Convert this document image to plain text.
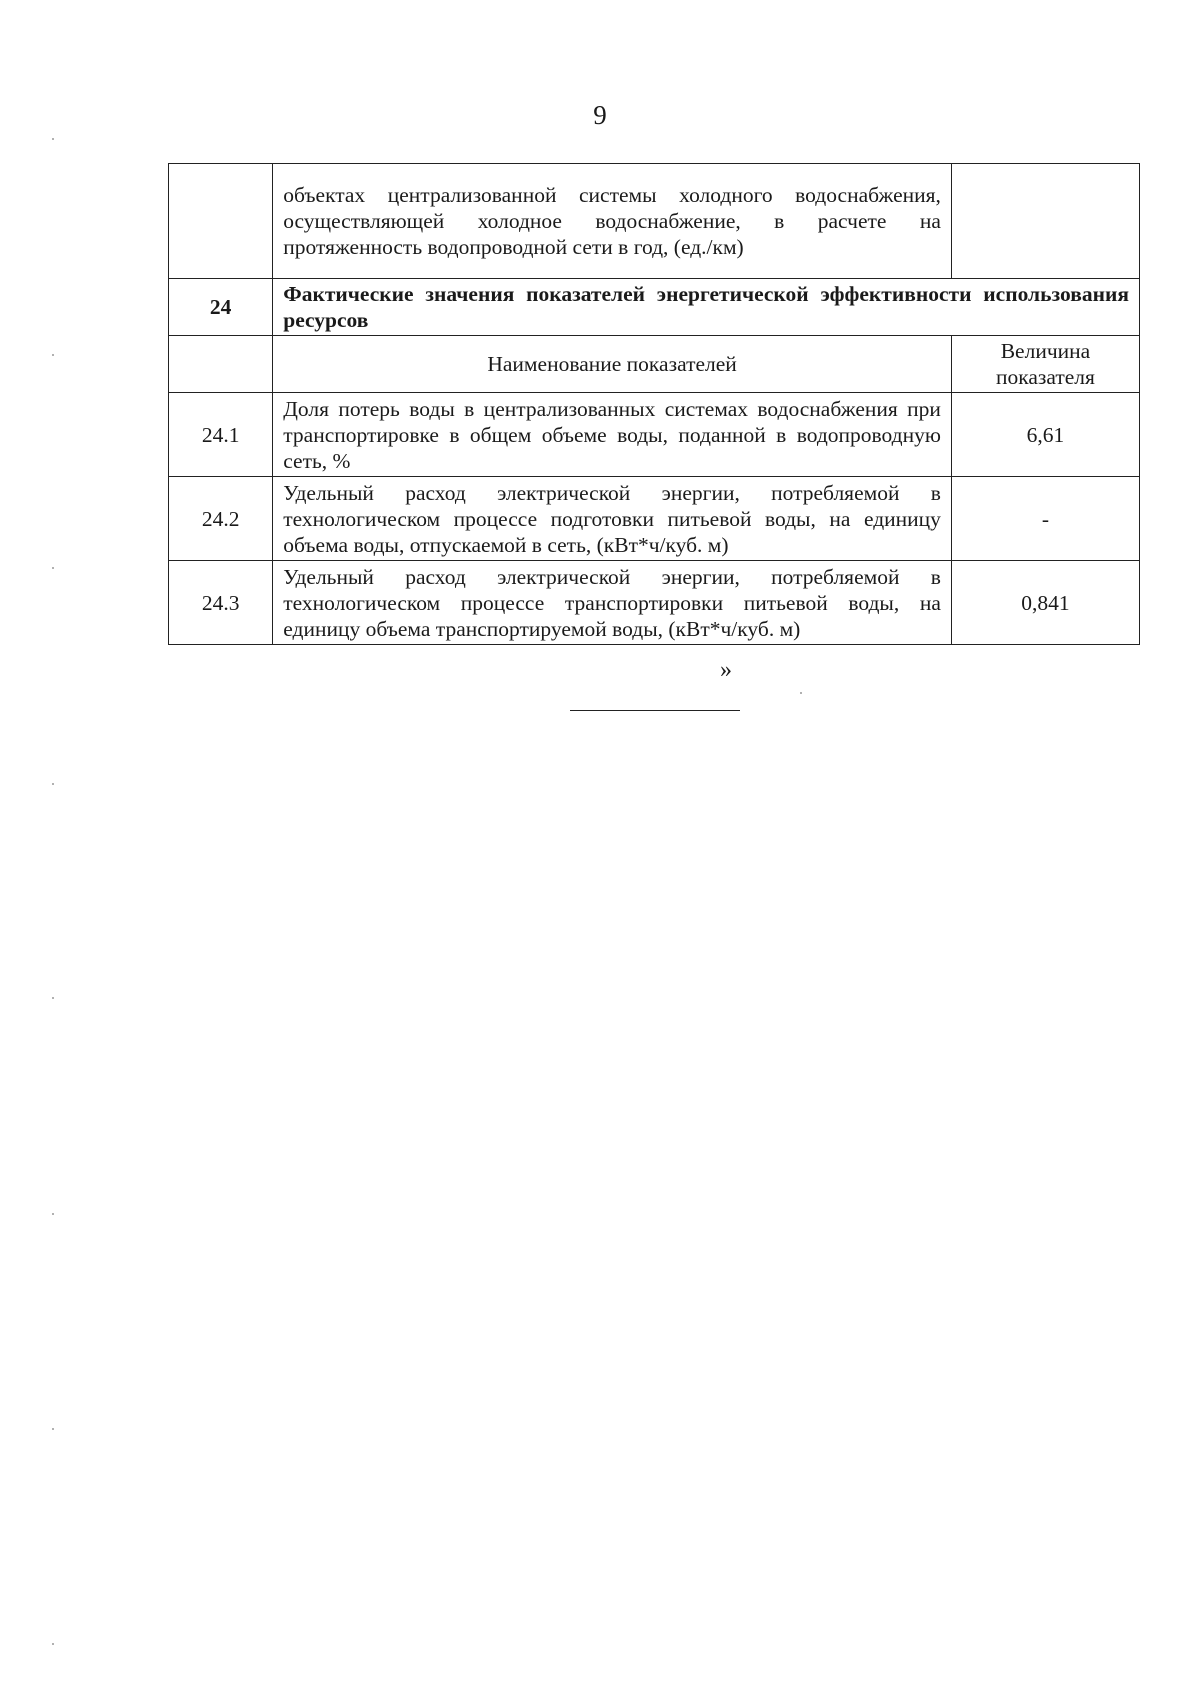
9
	объектах централизованной системы холодного водоснабжения, осуществляющей холодное водоснабжение, в расчете на протяженность водопроводной сети в год, (ед./км)	
24	Фактические значения показателей энергетической эффективности использования ресурсов	
	Наименование показателей	Величина показателя
24.1	Доля потерь воды в централизованных системах водоснабжения при транспортировке в общем объеме воды, поданной в водопроводную сеть, %	6,61
24.2	Удельный расход электрической энергии, потребляемой в технологическом процессе подготовки питьевой воды, на единицу объема воды, отпускаемой в сеть, (кВт*ч/куб. м)	-
24.3	Удельный расход электрической энергии, потребляемой в технологическом процессе транспортировки питьевой воды, на единицу объема транспортируемой воды, (кВт*ч/куб. м)	0,841
»
